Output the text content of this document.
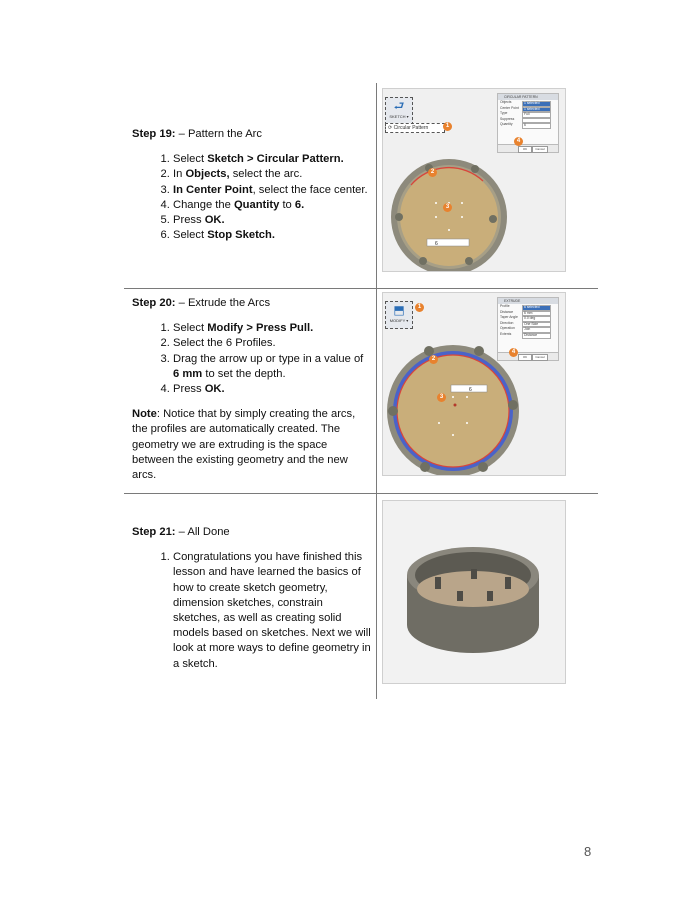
Step 19: – Pattern the Arc
1. Select Sketch > Circular Pattern.
2. In Objects, select the arc.
3. In Center Point, select the face center.
4. Change the Quantity to 6.
5. Press OK.
6. Select Stop Sketch.
⮐
SKETCH ▾
⟳ Circular Pattern	1
CIRCULAR PATTERN
Objects	1 selected
Center Point	1 selected
Type	Full
Suppress
Quantity	6
OK	Cancel
4
6
2
3
Step 20: – Extrude the Arcs
1. Select Modify > Press Pull.
2. Select the 6 Profiles.
3. Drag the arrow up or type in a value of 6 mm to set the depth.
4. Press OK.
Note: Notice that by simply creating the arcs, the profiles are automatically created. The geometry we are extruding is the space between the existing geometry and the new arcs.
⬒
MODIFY ▾
1
EXTRUDE
Profile	6 selected
Distance	6 mm
Taper Angle	0.0 deg
Direction	One Side
Operation	Join
Extents	Distance
OK	Cancel
4
6
2
3
Step 21: – All Done
1. Congratulations you have finished this lesson and have learned the basics of how to create sketch geometry, dimension sketches, constrain sketches, as well as creating solid models based on sketches. Next we will look at more ways to define geometry in a sketch.
8
